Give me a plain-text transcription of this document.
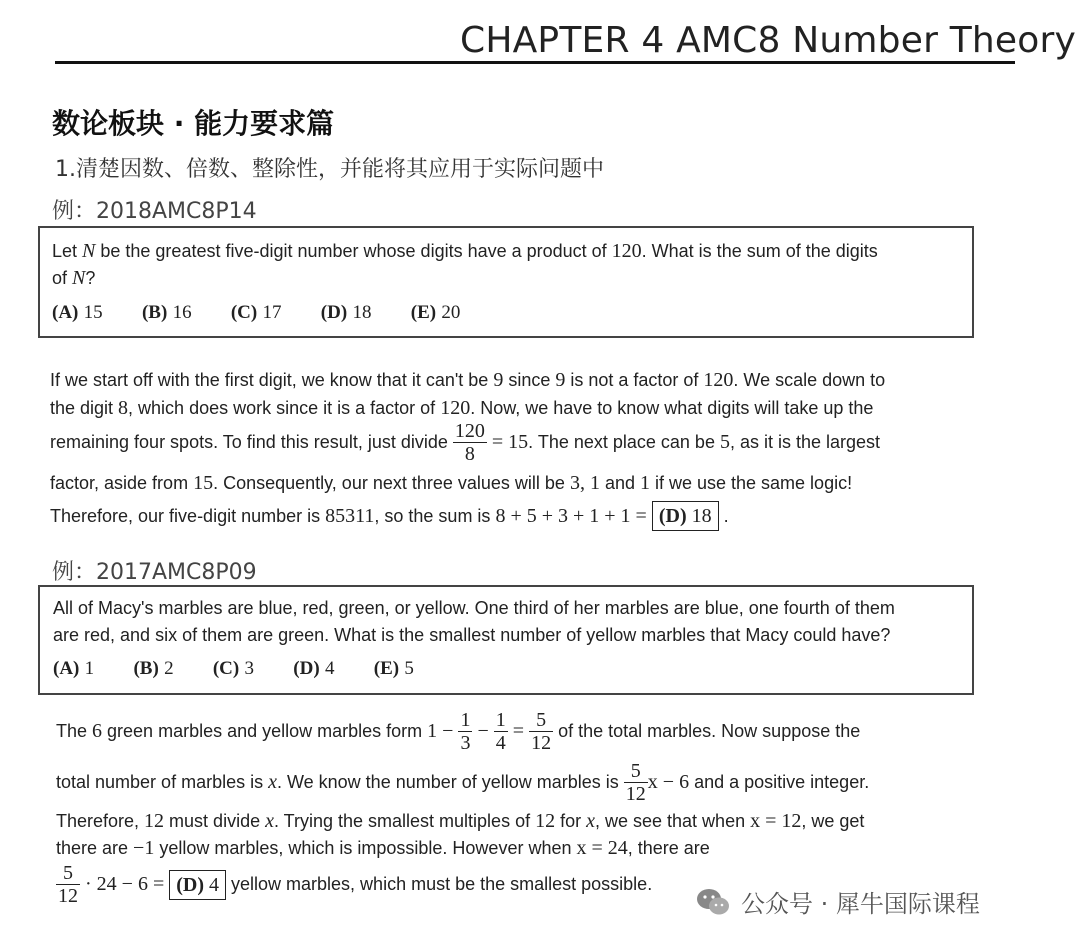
CHAPTER 4 AMC8 Number Theory
数论板块 · 能力要求篇
1.清楚因数、倍数、整除性，并能将其应用于实际问题中
例：2018AMC8P14
Let N be the greatest five-digit number whose digits have a product of 120. What is the sum of the digits
of N?
(A) 15 (B) 16 (C) 17 (D) 18 (E) 20
If we start off with the first digit, we know that it can't be 9 since 9 is not a factor of 120. We scale down to
the digit 8, which does work since it is a factor of 120. Now, we have to know what digits will take up the
remaining four spots. To find this result, just divide $\frac{120}{8} = 15$. The next place can be 5, as it is the largest
factor, aside from 15. Consequently, our next three values will be 3, 1 and 1 if we use the same logic!
Therefore, our five-digit number is 85311, so the sum is 8 + 5 + 3 + 1 + 1 = (D) 18 .
例：2017AMC8P09
All of Macy's marbles are blue, red, green, or yellow. One third of her marbles are blue, one fourth of them
are red, and six of them are green. What is the smallest number of yellow marbles that Macy could have?
(A) 1 (B) 2 (C) 3 (D) 4 (E) 5
The 6 green marbles and yellow marbles form $1 - \frac{1}{3} - \frac{1}{4} = \frac{5}{12}$ of the total marbles. Now suppose the
total number of marbles is x. We know the number of yellow marbles is $\frac{5}{12}$ x − 6 and a positive integer.
Therefore, 12 must divide x. Trying the smallest multiples of 12 for x, we see that when x = 12, we get
there are −1 yellow marbles, which is impossible. However when x = 24, there are
$\frac{5}{12} \cdot 24 - 6 = (D)$ 4 yellow marbles, which must be the smallest possible.
公众号 · 犀牛国际课程
